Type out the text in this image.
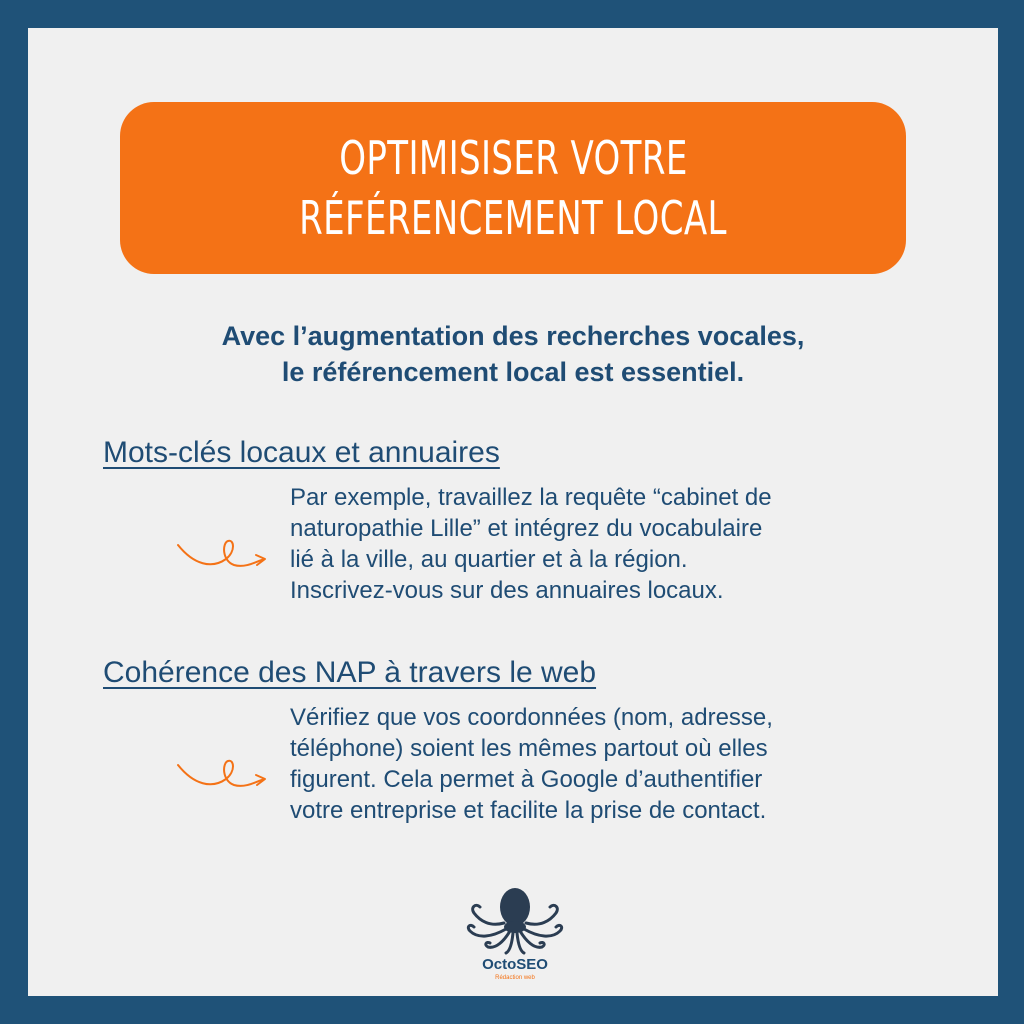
OPTIMISISER VOTRE
RÉFÉRENCEMENT LOCAL
Avec l’augmentation des recherches vocales,
le référencement local est essentiel.
Mots-clés locaux et annuaires
Par exemple, travaillez la requête “cabinet de
naturopathie Lille” et intégrez du vocabulaire
lié à la ville, au quartier et à la région.
Inscrivez-vous sur des annuaires locaux.
Cohérence des NAP à travers le web
Vérifiez que vos coordonnées (nom, adresse,
téléphone) soient les mêmes partout où elles
figurent. Cela permet à Google d’authentifier
votre entreprise et facilite la prise de contact.
OctoSEO
Rédaction web
